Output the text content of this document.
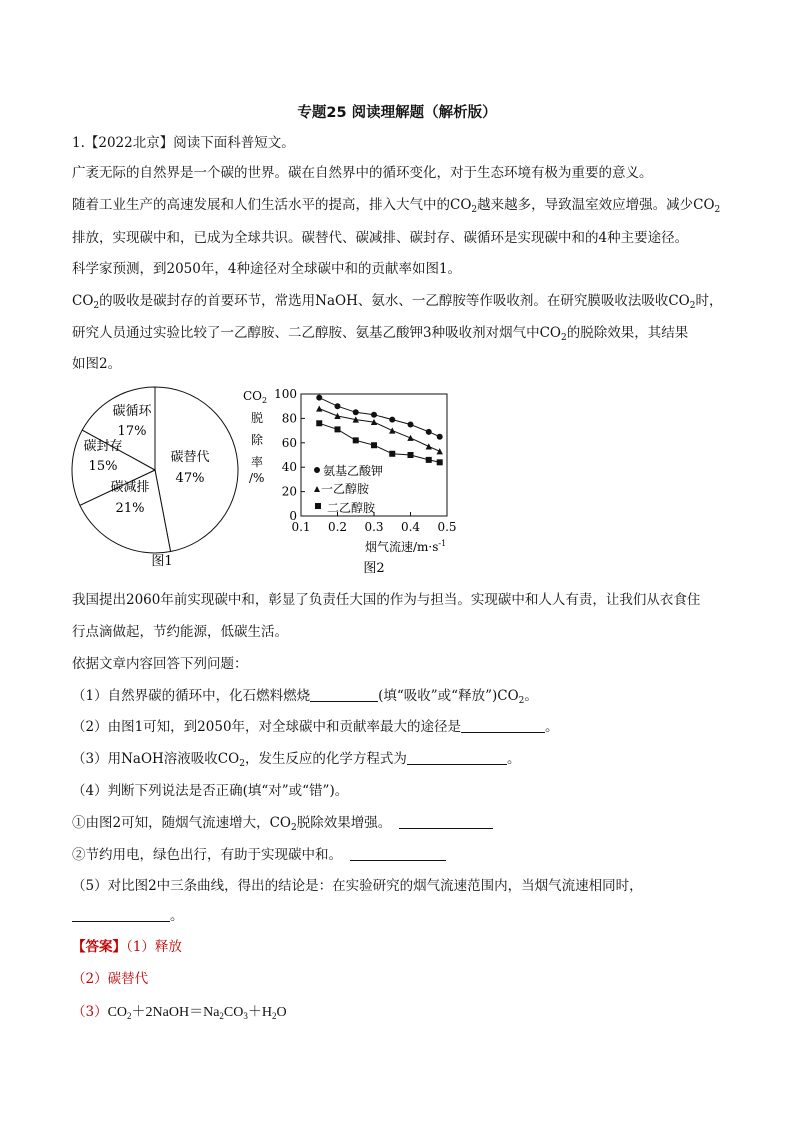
专题25 阅读理解题（解析版）
1.【2022北京】阅读下面科普短文。
广袤无际的自然界是一个碳的世界。碳在自然界中的循环变化，对于生态环境有极为重要的意义。
随着工业生产的高速发展和人们生活水平的提高，排入大气中的$CO_2$越来越多，导致温室效应增强。减少$CO_2$
排放，实现碳中和，已成为全球共识。碳替代、碳减排、碳封存、碳循环是实现碳中和的4种主要途径。
科学家预测，到2050年，4种途径对全球碳中和的贡献率如图1。
$CO_2$的吸收是碳封存的首要环节，常选用NaOH、氨水、一乙醇胺等作吸收剂。在研究膜吸收法吸收$CO_2$时，
研究人员通过实验比较了一乙醇胺、二乙醇胺、氨基乙酸钾3种吸收剂对烟气中$CO_2$的脱除效果，其结果
如图2。
碳循环
17%
碳封存
15%
碳替代
47%
碳减排
21%
图1
$CO_2$
脱
除
率
/%
0
20
40
60
80
100
0.1 0.2 0.3 0.4 0.5
氨基乙酸钾
一乙醇胺
二乙醇胺
烟气流速$/m\cdot s^{-1}$
图2
我国提出2060年前实现碳中和，彰显了负责任大国的作为与担当。实现碳中和人人有责，让我们从衣食住
行点滴做起，节约能源，低碳生活。
依据文章内容回答下列问题：
（1）自然界碳的循环中，化石燃料燃烧	(填“吸收”或“释放$”)CO_2$。
（2）由图1可知，到2050年，对全球碳中和贡献率最大的途径是	。
（3）用NaOH溶液吸收$CO_2$，发生反应的化学方程式为	。
（4）判断下列说法是否正确(填“对”或“错”)。
①由图2可知，随烟气流速增大，$CO_2$脱除效果增强。
②节约用电，绿色出行，有助于实现碳中和。
（5）对比图2中三条曲线，得出的结论是：在实验研究的烟气流速范围内，当烟气流速相同时，
。
【答案】（1）释放
（2）碳替代
$(3)CO_2+2NaOH=Na_2CO_3+H_2O$
